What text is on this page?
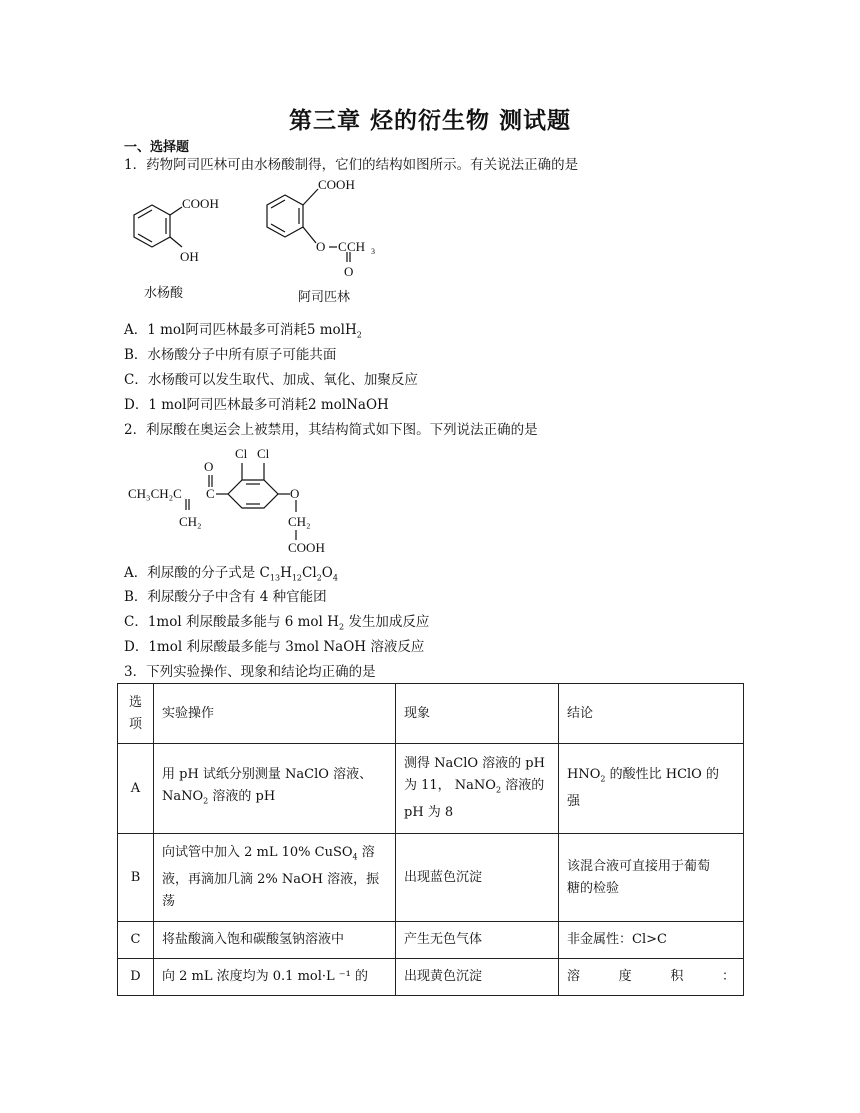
第三章 烃的衍生物 测试题
一、选择题
1．药物阿司匹林可由水杨酸制得，它们的结构如图所示。有关说法正确的是
COOH
OH
水杨酸
COOH
O C CH 3
O
阿司匹林
A．1 mol阿司匹林最多可消耗5 molH$_2$
B．水杨酸分子中所有原子可能共面
C．水杨酸可以发生取代、加成、氧化、加聚反应
D．1 mol阿司匹林最多可消耗2 molNaOH
2．利尿酸在奥运会上被禁用，其结构简式如下图。下列说法正确的是
O
Cl Cl
CH₃CH₂C C	O
CH₂	CH₂
COOH
A．利尿酸的分子式是 $C_{13}H_{12}Cl_2O_4$
B．利尿酸分子中含有 4 种官能团
C．1mol 利尿酸最多能与 6 mol $H_2$ 发生加成反应
D．1mol 利尿酸最多能与 3mol NaOH 溶液反应
3．下列实验操作、现象和结论均正确的是
选项	实验操作	现象	结论
A	用 pH 试纸分别测量 NaClO 溶液、
NaNO$_2$ 溶液的 pH	测得 NaClO 溶液的 pH
为 11， NaNO$_2$ 溶液的
pH 为 8	$HNO_2$ 的酸性比 HClO 的
强
B	向试管中加入 2 mL 10% CuSO$_4$ 溶
液，再滴加几滴 2% NaOH 溶液，振
荡	出现蓝色沉淀	该混合液可直接用于葡萄
糖的检验
C	将盐酸滴入饱和碳酸氢钠溶液中	产生无色气体	非金属性：Cl>C
D	向 2 mL 浓度均为 0.1 mol·L ⁻¹ 的	出现黄色沉淀	溶 度 积 ：
